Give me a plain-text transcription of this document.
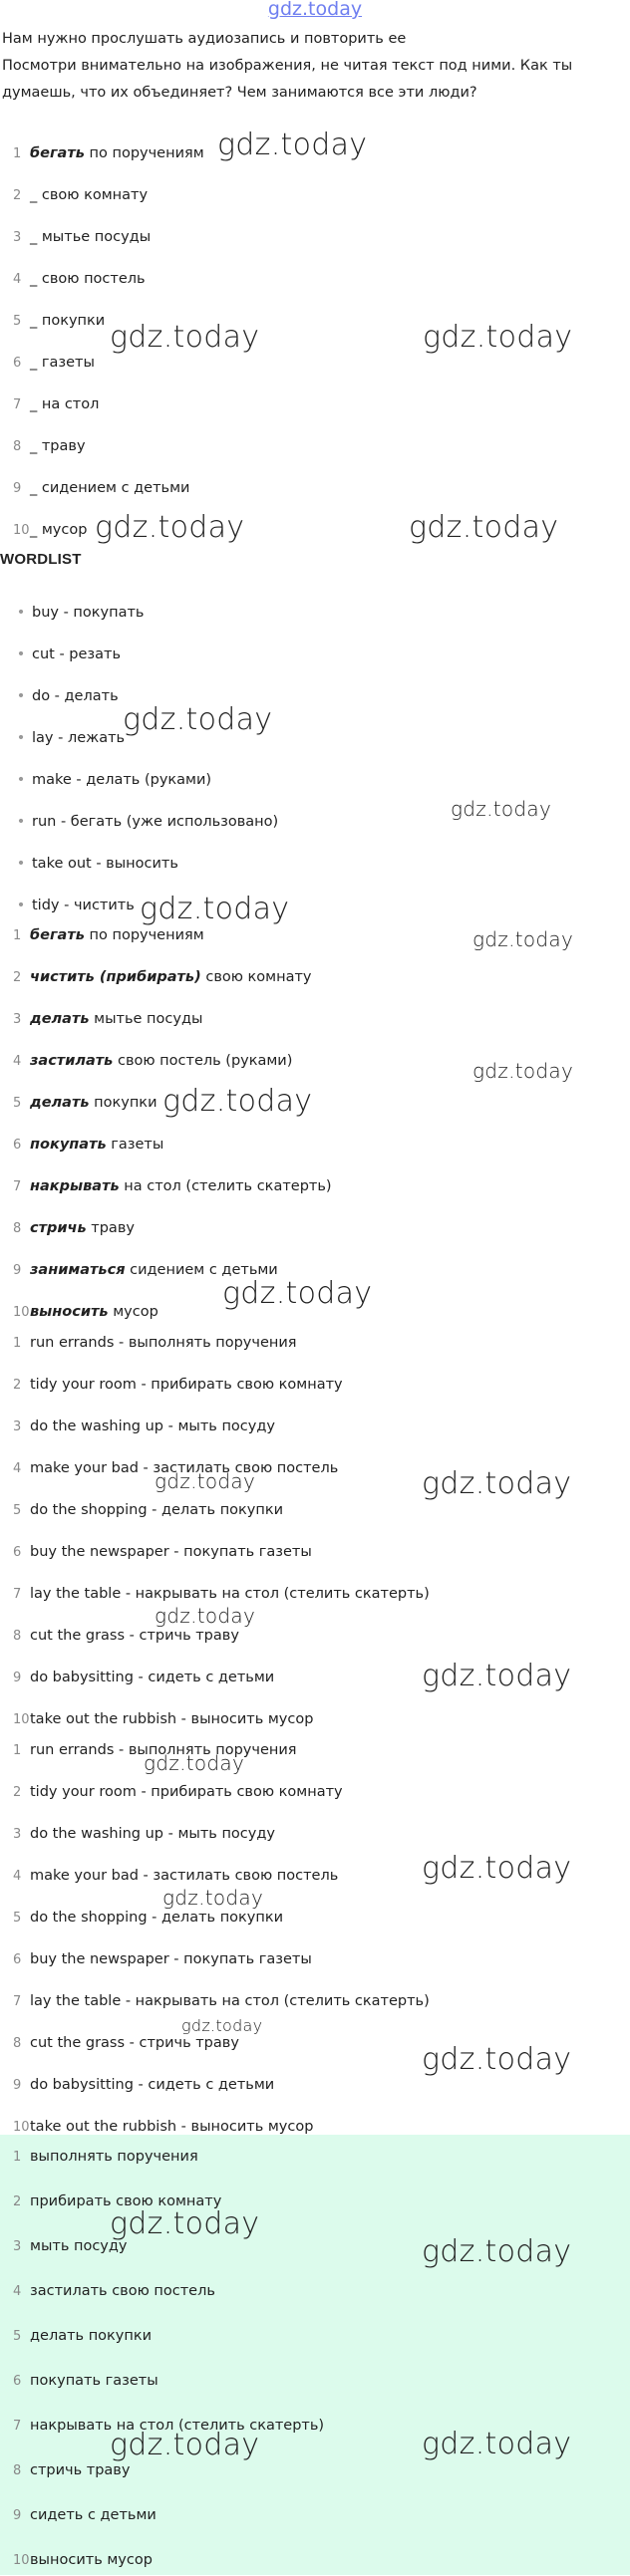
gdz.today
Нам нужно прослушать аудиозапись и повторить ее
Посмотри внимательно на изображения, не читая текст под ними. Как ты думаешь, что их объединяет? Чем занимаются все эти люди?
1 бегать по поручениям
2 _ свою комнату
3 _ мытье посуды
4 _ свою постель
5 _ покупки
6 _ газеты
7 _ на стол
8 _ траву
9 _ сидением с детьми
10_ мусор
WORDLIST
• buy - покупать
• cut - резать
• do - делать
• lay - лежать
• make - делать (руками)
• run - бегать (уже использовано)
• take out - выносить
• tidy - чистить
1 бегать по поручениям
2 чистить (прибирать) свою комнату
3 делать мытье посуды
4 застилать свою постель (руками)
5 делать покупки
6 покупать газеты
7 накрывать на стол (стелить скатерть)
8 стричь траву
9 заниматься сидением с детьми
10выносить мусор
1 run errands - выполнять поручения
2 tidy your room - прибирать свою комнату
3 do the washing up - мыть посуду
4 make your bad - застилать свою постель
5 do the shopping - делать покупки
6 buy the newspaper - покупать газеты
7 lay the table - накрывать на стол (стелить скатерть)
8 cut the grass - стричь траву
9 do babysitting - сидеть с детьми
10take out the rubbish - выносить мусор
1 run errands - выполнять поручения
2 tidy your room - прибирать свою комнату
3 do the washing up - мыть посуду
4 make your bad - застилать свою постель
5 do the shopping - делать покупки
6 buy the newspaper - покупать газеты
7 lay the table - накрывать на стол (стелить скатерть)
8 cut the grass - стричь траву
9 do babysitting - сидеть с детьми
10take out the rubbish - выносить мусор
1 выполнять поручения
2 прибирать свою комнату
3 мыть посуду
4 застилать свою постель
5 делать покупки
6 покупать газеты
7 накрывать на стол (стелить скатерть)
8 стричь траву
9 сидеть с детьми
10выносить мусор
gdz.today
gdz.today	gdz.today
gdz.today	gdz.today
gdz.today
gdz.today
gdz.today
gdz.today
gdz.today
gdz.today
gdz.today
gdz.today	gdz.today
gdz.today
gdz.today
gdz.today
gdz.today
gdz.today
gdz.today
gdz.today
gdz.today
gdz.today
gdz.today	gdz.today
